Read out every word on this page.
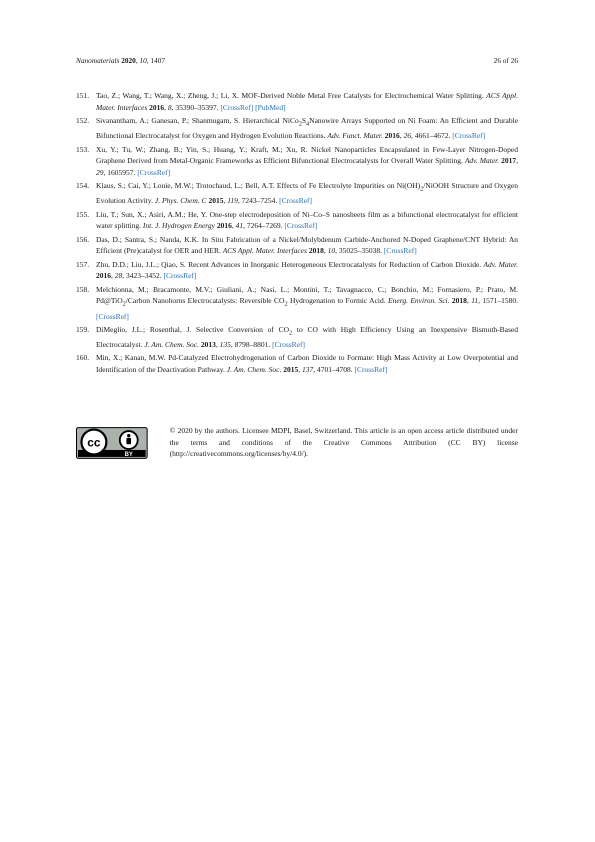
Nanomaterials 2020, 10, 1407	26 of 26
151. Tao, Z.; Wang, T.; Wang, X.; Zheng, J.; Li, X. MOF-Derived Noble Metal Free Catalysts for Electrochemical Water Splitting. ACS Appl. Mater. Interfaces 2016, 8, 35390–35397. [CrossRef] [PubMed]
152. Sivanantham, A.; Ganesan, P.; Shanmugam, S. Hierarchical $NiCo_2S_4Nanowire$ Arrays Supported on Ni Foam: An Efficient and Durable Bifunctional Electrocatalyst for Oxygen and Hydrogen Evolution Reactions. Adv. Funct. Mater. 2016, 26, 4661–4672. [CrossRef]
153. Xu, Y.; Tu, W.; Zhang, B.; Yin, S.; Huang, Y.; Kraft, M.; Xu, R. Nickel Nanoparticles Encapsulated in Few-Layer Nitrogen-Doped Graphene Derived from Metal-Organic Frameworks as Efficient Bifunctional Electrocatalysts for Overall Water Splitting. Adv. Mater. 2017, 29, 1605957. [CrossRef]
154. Klaus, S.; Cai, Y.; Louie, M.W.; Trotochaud, L.; Bell, A.T. Effects of Fe Electrolyte Impurities on $Ni(OH)_2$/NiOOH Structure and Oxygen Evolution Activity. J. Phys. Chem. C 2015, 119, 7243–7254. [CrossRef]
155. Liu, T.; Sun, X.; Asiri, A.M.; He, Y. One-step electrodeposition of Ni–Co–S nanosheets film as a bifunctional electrocatalyst for efficient water splitting. Int. J. Hydrogen Energy 2016, 41, 7264–7269. [CrossRef]
156. Das, D.; Santra, S.; Nanda, K.K. In Situ Fabrication of a Nickel/Molybdenum Carbide-Anchored N-Doped Graphene/CNT Hybrid: An Efficient (Pre)catalyst for OER and HER. ACS Appl. Mater. Interfaces 2018, 10, 35025–35038. [CrossRef]
157. Zhu, D.D.; Liu, J.L.; Qiao, S. Recent Advances in Inorganic Heterogeneous Electrocatalysts for Reduction of Carbon Dioxide. Adv. Mater. 2016, 28, 3423–3452. [CrossRef]
158. Melchionna, M.; Bracamonte, M.V.; Giuliani, A.; Nasi, L.; Montini, T.; Tavagnacco, C.; Bonchio, M.; Fornasiero, P.; Prato, M. Pd@TiO$_2$/Carbon Nanohorns Electrocatalysts: Reversible $CO_2$ Hydrogenation to Formic Acid. Energ. Environ. Sci. 2018, 11, 1571–1580. [CrossRef]
159. DiMeglio, J.L.; Rosenthal, J. Selective Conversion of $CO_2$ to CO with High Efficiency Using an Inexpensive Bismuth-Based Electrocatalyst. J. Am. Chem. Soc. 2013, 135, 8798–8801. [CrossRef]
160. Min, X.; Kanan, M.W. Pd-Catalyzed Electrohydrogenation of Carbon Dioxide to Formate: High Mass Activity at Low Overpotential and Identification of the Deactivation Pathway. J. Am. Chem. Soc. 2015, 137, 4701–4708. [CrossRef]
cc
BY
© 2020 by the authors. Licensee MDPI, Basel, Switzerland. This article is an open access article distributed under the terms and conditions of the Creative Commons Attribution (CC BY) license (http://creativecommons.org/licenses/by/4.0/).
